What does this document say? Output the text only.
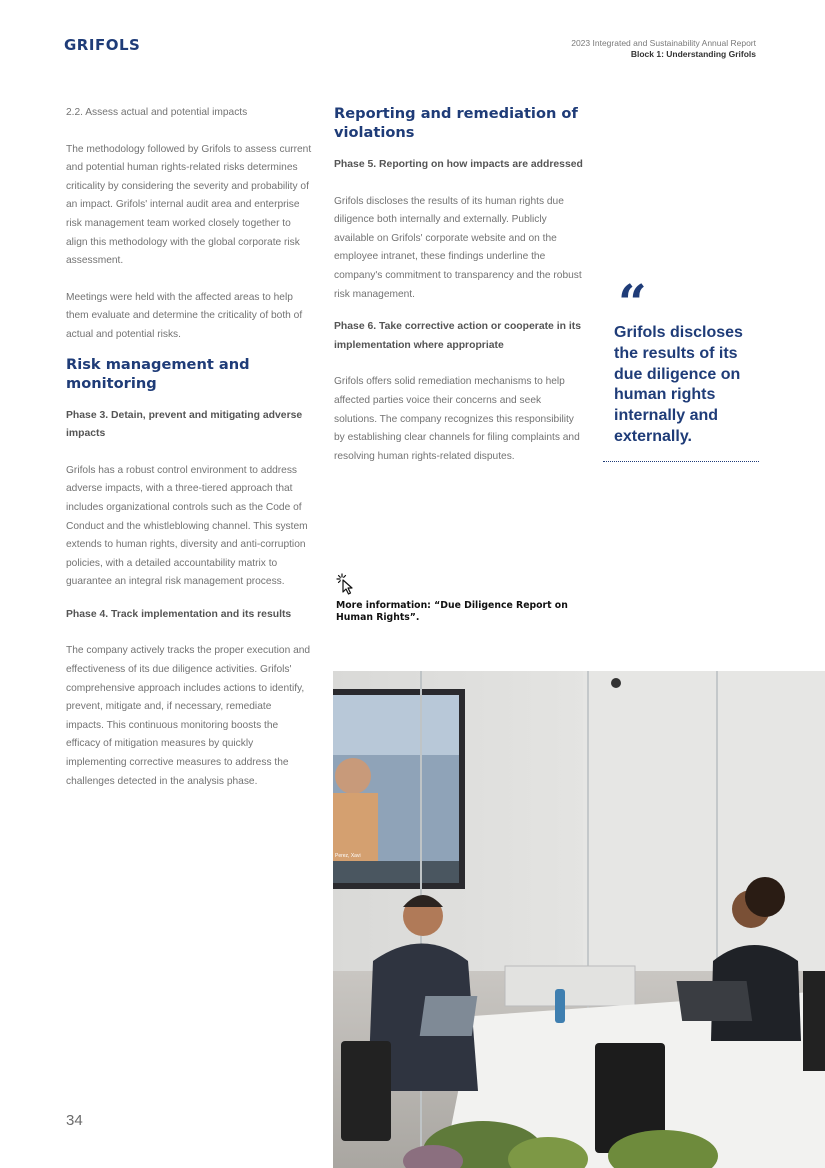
GRIFOLS	2023 Integrated and Sustainability Annual Report
Block 1: Understanding Grifols

2.2. Assess actual and potential impacts

The methodology followed by Grifols to assess current and potential human rights-related risks determines criticality by considering the severity and probability of an impact. Grifols' internal audit area and enterprise risk management team worked closely together to align this methodology with the global corporate risk assessment.

Meetings were held with the affected areas to help them evaluate and determine the criticality of both of actual and potential risks.

Risk management and monitoring

Phase 3. Detain, prevent and mitigating adverse impacts

Grifols has a robust control environment to address adverse impacts, with a three-tiered approach that includes organizational controls such as the Code of Conduct and the whistleblowing channel. This system extends to human rights, diversity and anti-corruption policies, with a detailed accountability matrix to guarantee an integral risk management process.

Phase 4. Track implementation and its results

The company actively tracks the proper execution and effectiveness of its due diligence activities. Grifols' comprehensive approach includes actions to identify, prevent, mitigate and, if necessary, remediate impacts. This continuous monitoring boosts the efficacy of mitigation measures by quickly implementing corrective measures to address the challenges detected in the analysis phase.

Reporting and remediation of violations

Phase 5. Reporting on how impacts are addressed

Grifols discloses the results of its human rights due diligence both internally and externally. Publicly available on Grifols' corporate website and on the employee intranet, these findings underline the company's commitment to transparency and the robust risk management.

Phase 6. Take corrective action or cooperate in its implementation where appropriate

Grifols offers solid remediation mechanisms to help affected parties voice their concerns and seek solutions. The company recognizes this responsibility by establishing clear channels for filing complaints and resolving human rights-related disputes.

“
Grifols discloses the results of its due diligence on human rights internally and externally.
More information: “Due Diligence Report on Human Rights”.
Perez, Xavi
34
